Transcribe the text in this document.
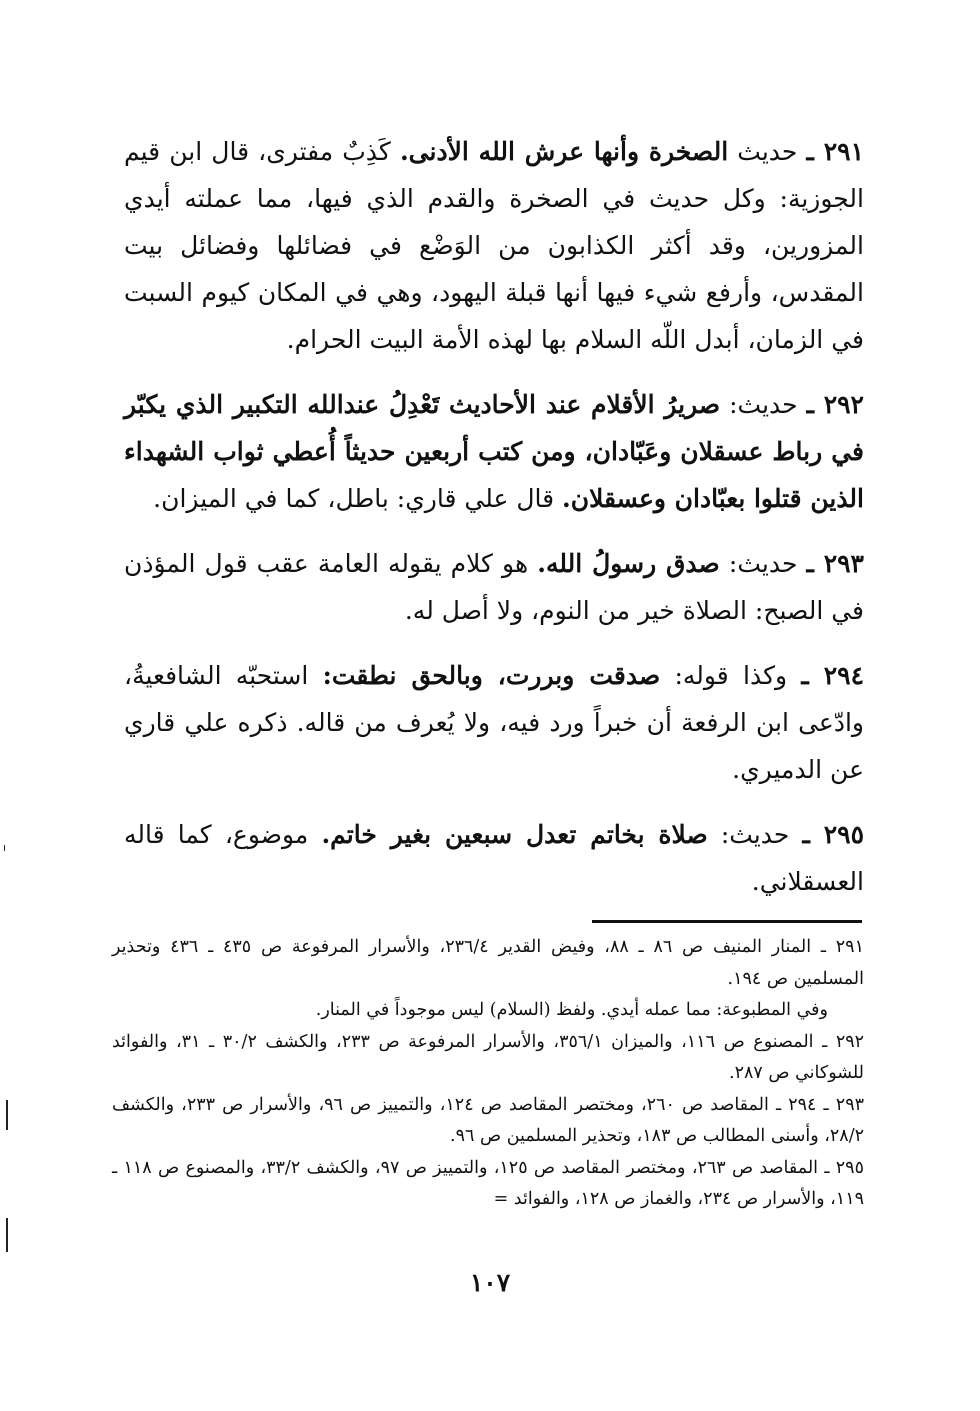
٢٩١ ـ حديث الصخرة وأنها عرش الله الأدنى. كَذِبٌ مفترى، قال ابن قيم الجوزية: وكل حديث في الصخرة والقدم الذي فيها، مما عملته أيدي المزورين، وقد أكثر الكذابون من الوَضْع في فضائلها وفضائل بيت المقدس، وأرفع شيء فيها أنها قبلة اليهود، وهي في المكان كيوم السبت في الزمان، أبدل اللّه السلام بها لهذه الأمة البيت الحرام.

٢٩٢ ـ حديث: صريرُ الأقلام عند الأحاديث تَعْدِلُ عندالله التكبير الذي يكبّر في رباط عسقلان وعَبّادان، ومن كتب أربعين حديثاً أُعطي ثواب الشهداء الذين قتلوا بعبّادان وعسقلان. قال علي قاري: باطل، كما في الميزان.

٢٩٣ ـ حديث: صدق رسولُ الله. هو كلام يقوله العامة عقب قول المؤذن في الصبح: الصلاة خير من النوم، ولا أصل له.

٢٩٤ ـ وكذا قوله: صدقت وبررت، وبالحق نطقت: استحبّه الشافعيةُ، وادّعى ابن الرفعة أن خبراً ورد فيه، ولا يُعرف من قاله. ذكره علي قاري عن الدميري.

٢٩٥ ـ حديث: صلاة بخاتم تعدل سبعين بغير خاتم. موضوع، كما قاله العسقلاني.

٢٩١ ـ المنار المنيف ص ٨٦ ـ ٨٨، وفيض القدير ٢٣٦/٤، والأسرار المرفوعة ص ٤٣٥ ـ ٤٣٦ وتحذير المسلمين ص ١٩٤.

وفي المطبوعة: مما عمله أيدي. ولفظ (السلام) ليس موجوداً في المنار.

٢٩٢ ـ المصنوع ص ١١٦، والميزان ٣٥٦/١، والأسرار المرفوعة ص ٢٣٣، والكشف ٣٠/٢ ـ ٣١، والفوائد للشوكاني ص ٢٨٧.

٢٩٣ ـ ٢٩٤ ـ المقاصد ص ٢٦٠، ومختصر المقاصد ص ١٢٤، والتمييز ص ٩٦، والأسرار ص ٢٣٣، والكشف ٢٨/٢، وأسنى المطالب ص ١٨٣، وتحذير المسلمين ص ٩٦.

٢٩٥ ـ المقاصد ص ٢٦٣، ومختصر المقاصد ص ١٢٥، والتمييز ص ٩٧، والكشف ٣٣/٢، والمصنوع ص ١١٨ ـ ١١٩، والأسرار ص ٢٣٤، والغماز ص ١٢٨، والفوائد =

١٠٧
